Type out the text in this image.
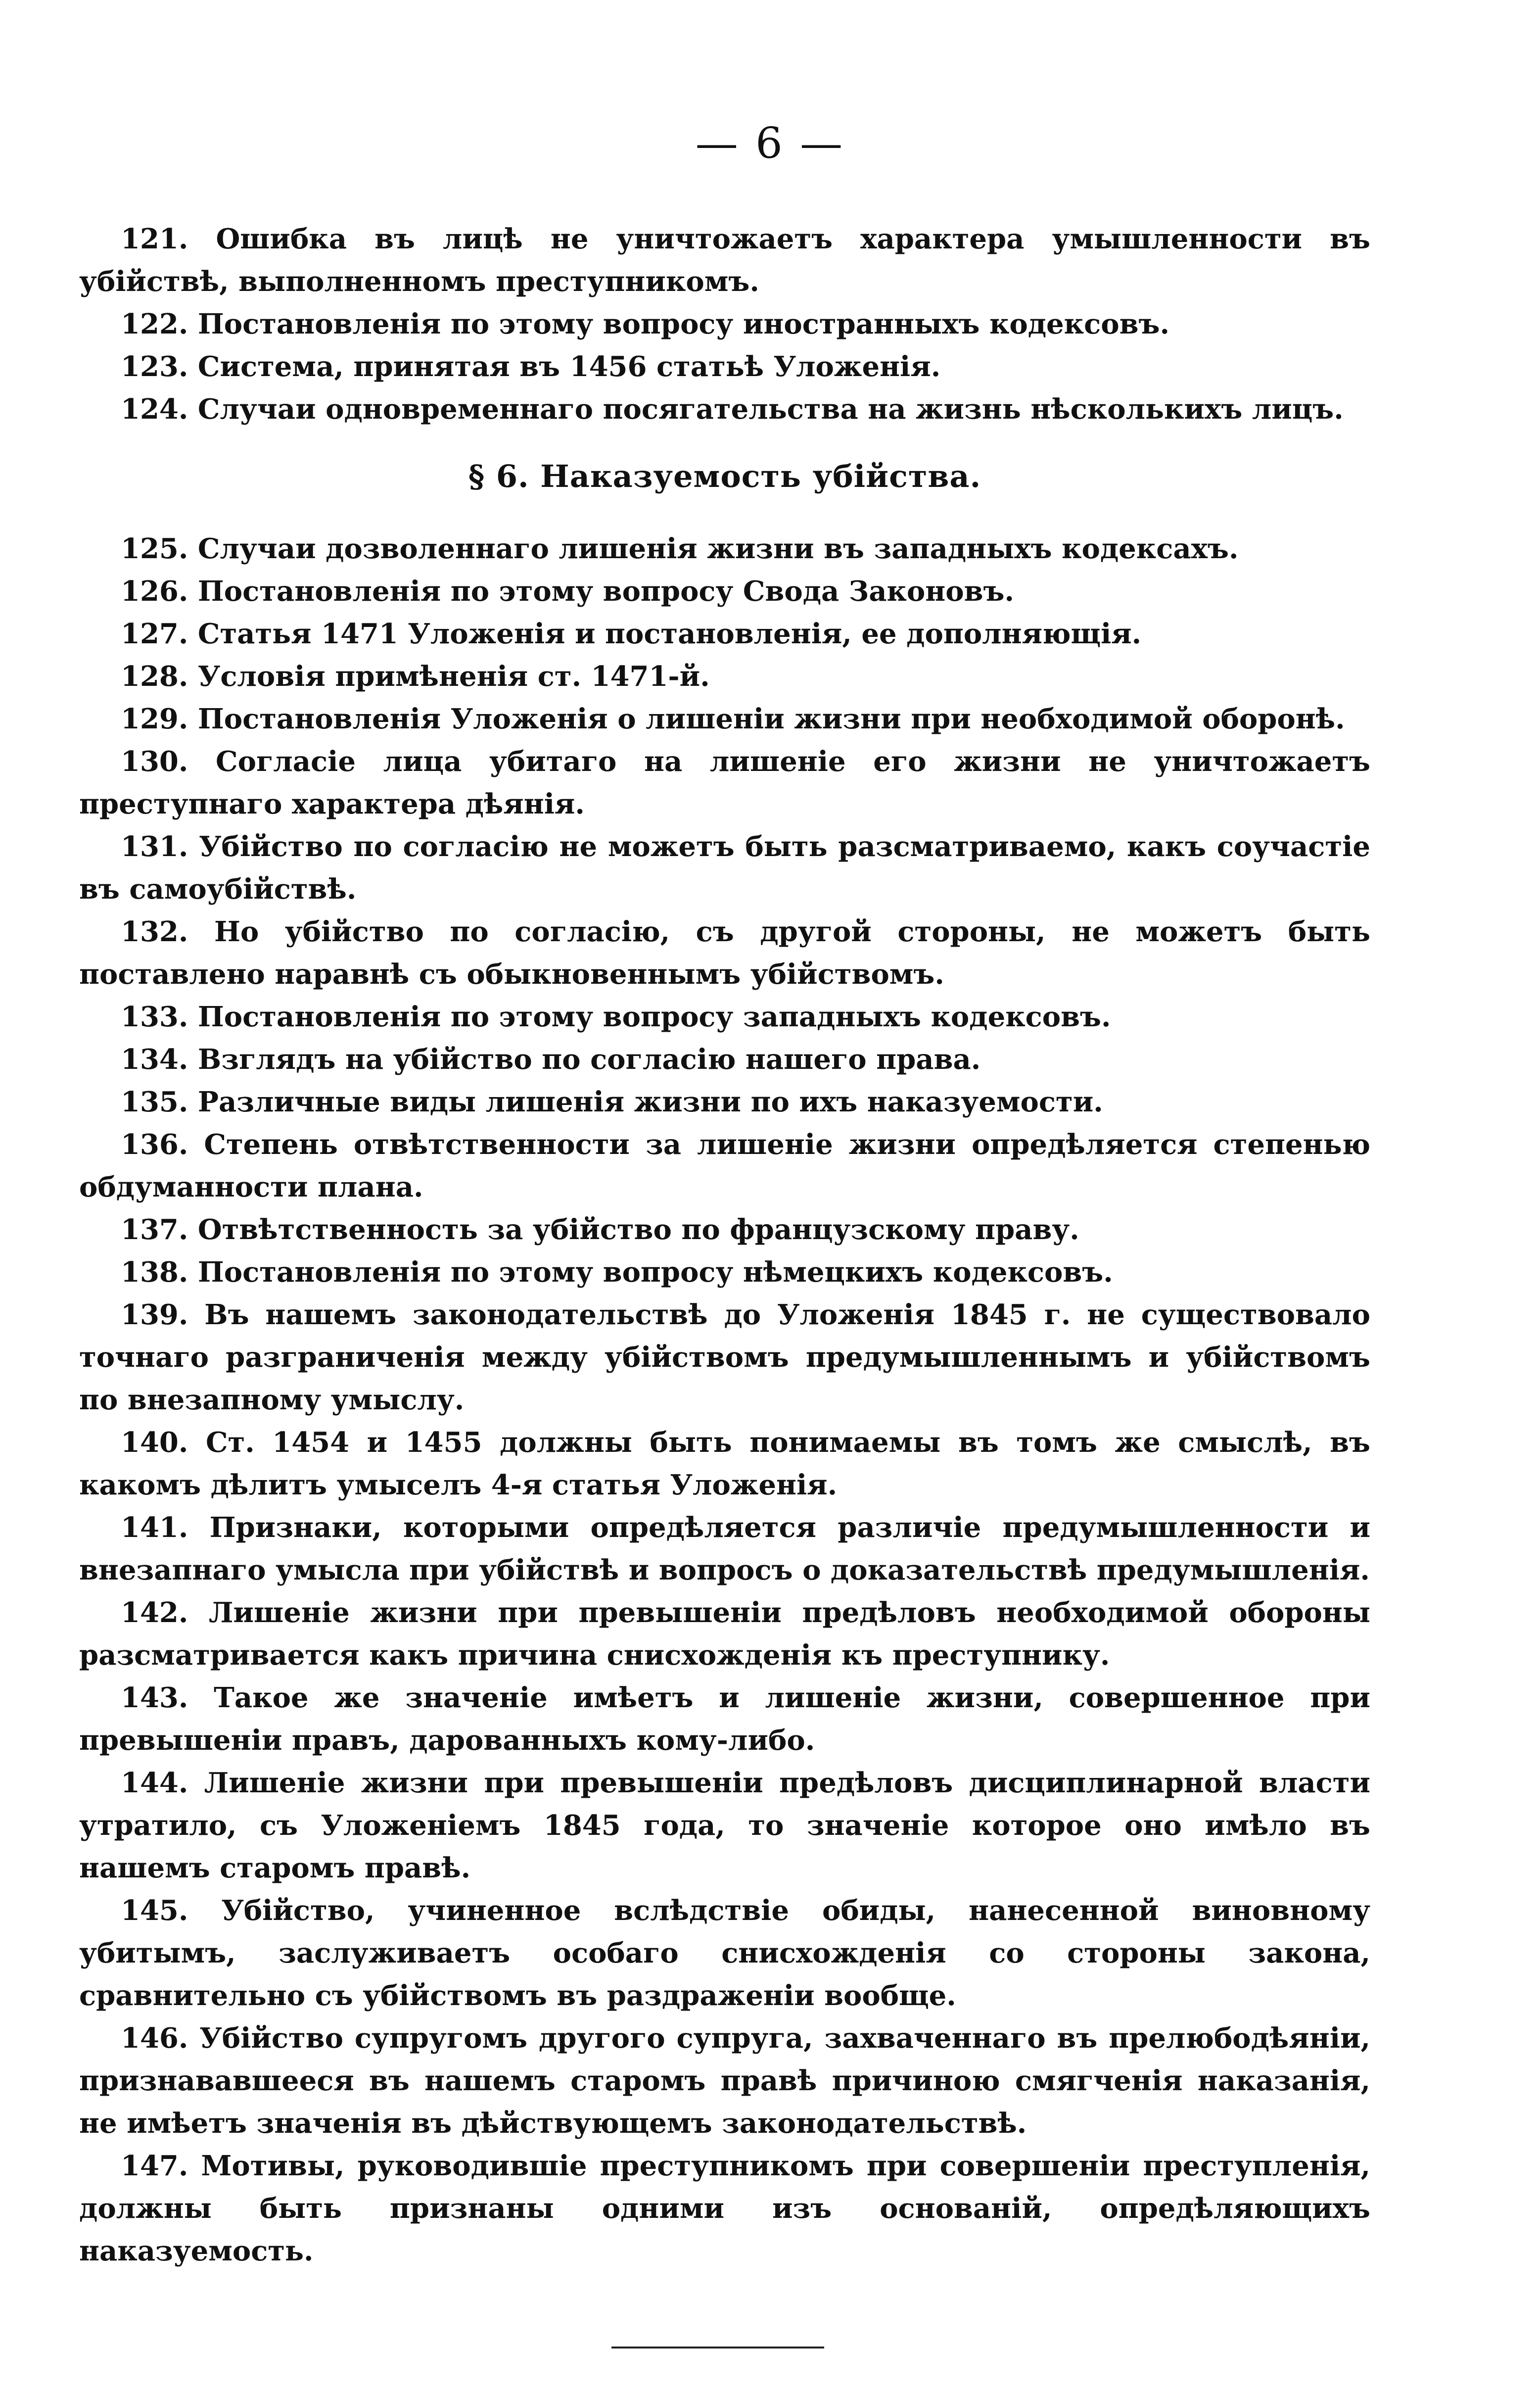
— 6 —

121. Ошибка въ лицѣ не уничтожаетъ характера умышленности въ убійствѣ, выполненномъ преступникомъ.

122. Постановленія по этому вопросу иностранныхъ кодексовъ.

123. Система, принятая въ 1456 статьѣ Уложенія.

124. Случаи одновременнаго посягательства на жизнь нѣсколькихъ лицъ.

§ 6. Наказуемость убійства.

125. Случаи дозволеннаго лишенія жизни въ западныхъ кодексахъ.

126. Постановленія по этому вопросу Свода Законовъ.

127. Статья 1471 Уложенія и постановленія, ее дополняющія.

128. Условія примѣненія ст. 1471-й.

129. Постановленія Уложенія о лишеніи жизни при необходимой оборонѣ.

130. Согласіе лица убитаго на лишеніе его жизни не уничтожаетъ преступнаго характера дѣянія.

131. Убійство по согласію не можетъ быть разсматриваемо, какъ соучастіе въ самоубійствѣ.

132. Но убійство по согласію, съ другой стороны, не можетъ быть поставлено наравнѣ съ обыкновеннымъ убійствомъ.

133. Постановленія по этому вопросу западныхъ кодексовъ.

134. Взглядъ на убійство по согласію нашего права.

135. Различные виды лишенія жизни по ихъ наказуемости.

136. Степень отвѣтственности за лишеніе жизни опредѣляется степенью обдуманности плана.

137. Отвѣтственность за убійство по французскому праву.

138. Постановленія по этому вопросу нѣмецкихъ кодексовъ.

139. Въ нашемъ законодательствѣ до Уложенія 1845 г. не существовало точнаго разграниченія между убійствомъ предумышленнымъ и убійствомъ по внезапному умыслу.

140. Ст. 1454 и 1455 должны быть понимаемы въ томъ же смыслѣ, въ какомъ дѣлитъ умыселъ 4-я статья Уложенія.

141. Признаки, которыми опредѣляется различіе предумышленности и внезапнаго умысла при убійствѣ и вопросъ о доказательствѣ предумышленія.

142. Лишеніе жизни при превышеніи предѣловъ необходимой обороны разсматривается какъ причина снисхожденія къ преступнику.

143. Такое же значеніе имѣетъ и лишеніе жизни, совершенное при превышеніи правъ, дарованныхъ кому-либо.

144. Лишеніе жизни при превышеніи предѣловъ дисциплинарной власти утратило, съ Уложеніемъ 1845 года, то значеніе которое оно имѣло въ нашемъ старомъ правѣ.

145. Убійство, учиненное вслѣдствіе обиды, нанесенной виновному убитымъ, заслуживаетъ особаго снисхожденія со стороны закона, сравнительно съ убійствомъ въ раздраженіи вообще.

146. Убійство супругомъ другого супруга, захваченнаго въ прелюбодѣяніи, признававшееся въ нашемъ старомъ правѣ причиною смягченія наказанія, не имѣетъ значенія въ дѣйствующемъ законодательствѣ.

147. Мотивы, руководившіе преступникомъ при совершеніи преступленія, должны быть признаны одними изъ основаній, опредѣляющихъ наказуемость.
